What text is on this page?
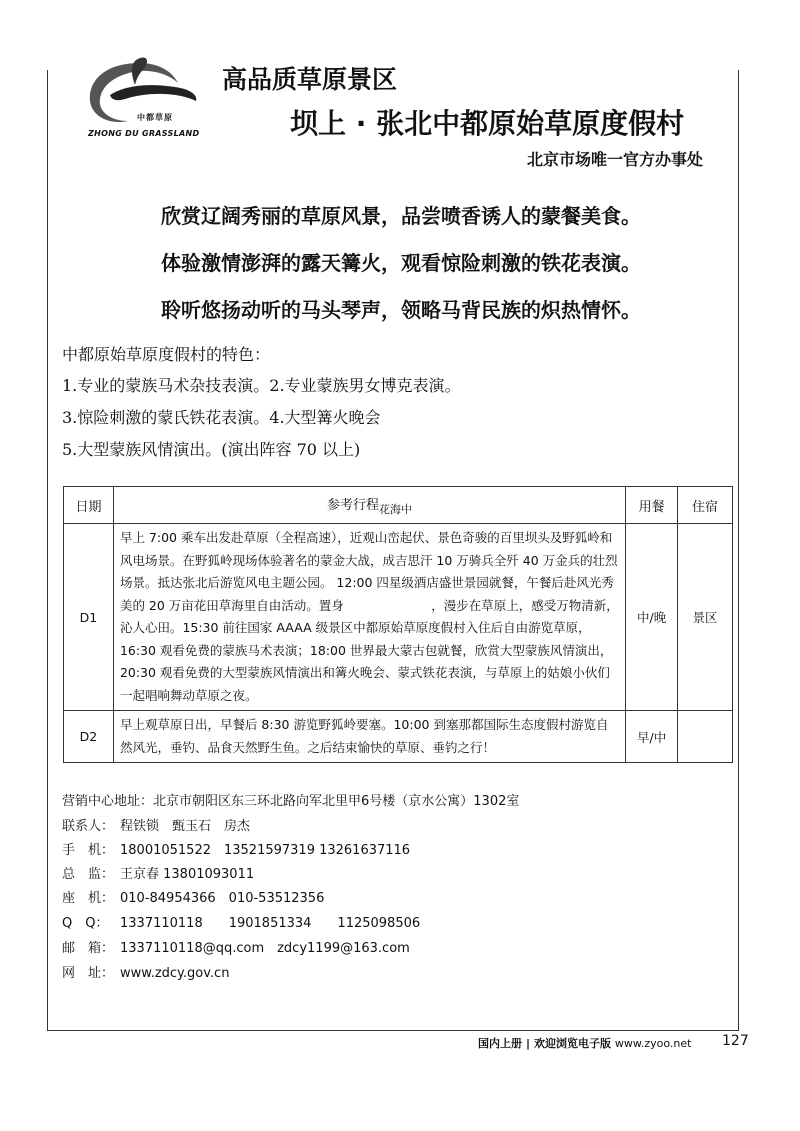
中都草原
ZHONG DU GRASSLAND
高品质草原景区
坝上 · 张北中都原始草原度假村
北京市场唯一官方办事处
欣赏辽阔秀丽的草原风景，品尝喷香诱人的蒙餐美食。
体验激情澎湃的露天篝火，观看惊险刺激的铁花表演。
聆听悠扬动听的马头琴声，领略马背民族的炽热情怀。
中都原始草原度假村的特色：
1.专业的蒙族马术杂技表演。2.专业蒙族男女博克表演。
3.惊险刺激的蒙氏铁花表演。4.大型篝火晚会
5.大型蒙族风情演出。(演出阵容 70 以上)
日期	参考行程$_{花海中}$	用餐	住宿
D1	早上 7:00 乘车出发赴草原（全程高速），近观山峦起伏、景色奇骏的百里坝头及野狐岭和风电场景。在野狐岭现场体验著名的蒙金大战，成吉思汗 10 万骑兵全歼 40 万金兵的壮烈场景。抵达张北后游览风电主题公园。 12:00 四星级酒店盛世景园就餐，午餐后赴风光秀美的 20 万亩花田草海里自由活动。置身　　　　　　　，漫步在草原上，感受万物清新，沁人心田。15:30 前往国家 AAAA 级景区中都原始草原度假村入住后自由游览草原，16:30 观看免费的蒙族马术表演；18:00 世界最大蒙古包就餐，欣赏大型蒙族风情演出，20:30 观看免费的大型蒙族风情演出和篝火晚会、蒙式铁花表演，与草原上的姑娘小伙们一起唱响舞动草原之夜。	中/晚	景区
D2	早上观草原日出，早餐后 8:30 游览野狐岭要塞。10:00 到塞那都国际生态度假村游览自然风光，垂钓、品食天然野生鱼。之后结束愉快的草原、垂钓之行！	早/中	
营销中心地址：北京市朝阳区东三环北路向军北里甲6号楼（京水公寓）1302室
联系人： 程铁锁　甄玉石　房杰
手　机： 18001051522　13521597319 13261637116
总　监： 王京春 13801093011
座　机： 010-84954366　010-53512356
Q　Q： 1337110118　　1901851334　　1125098506
邮　箱： 1337110118@qq.com　zdcy1199@163.com
网　址： www.zdcy.gov.cn
国内上册 | 欢迎浏览电子版 www.zyoo.net 127
